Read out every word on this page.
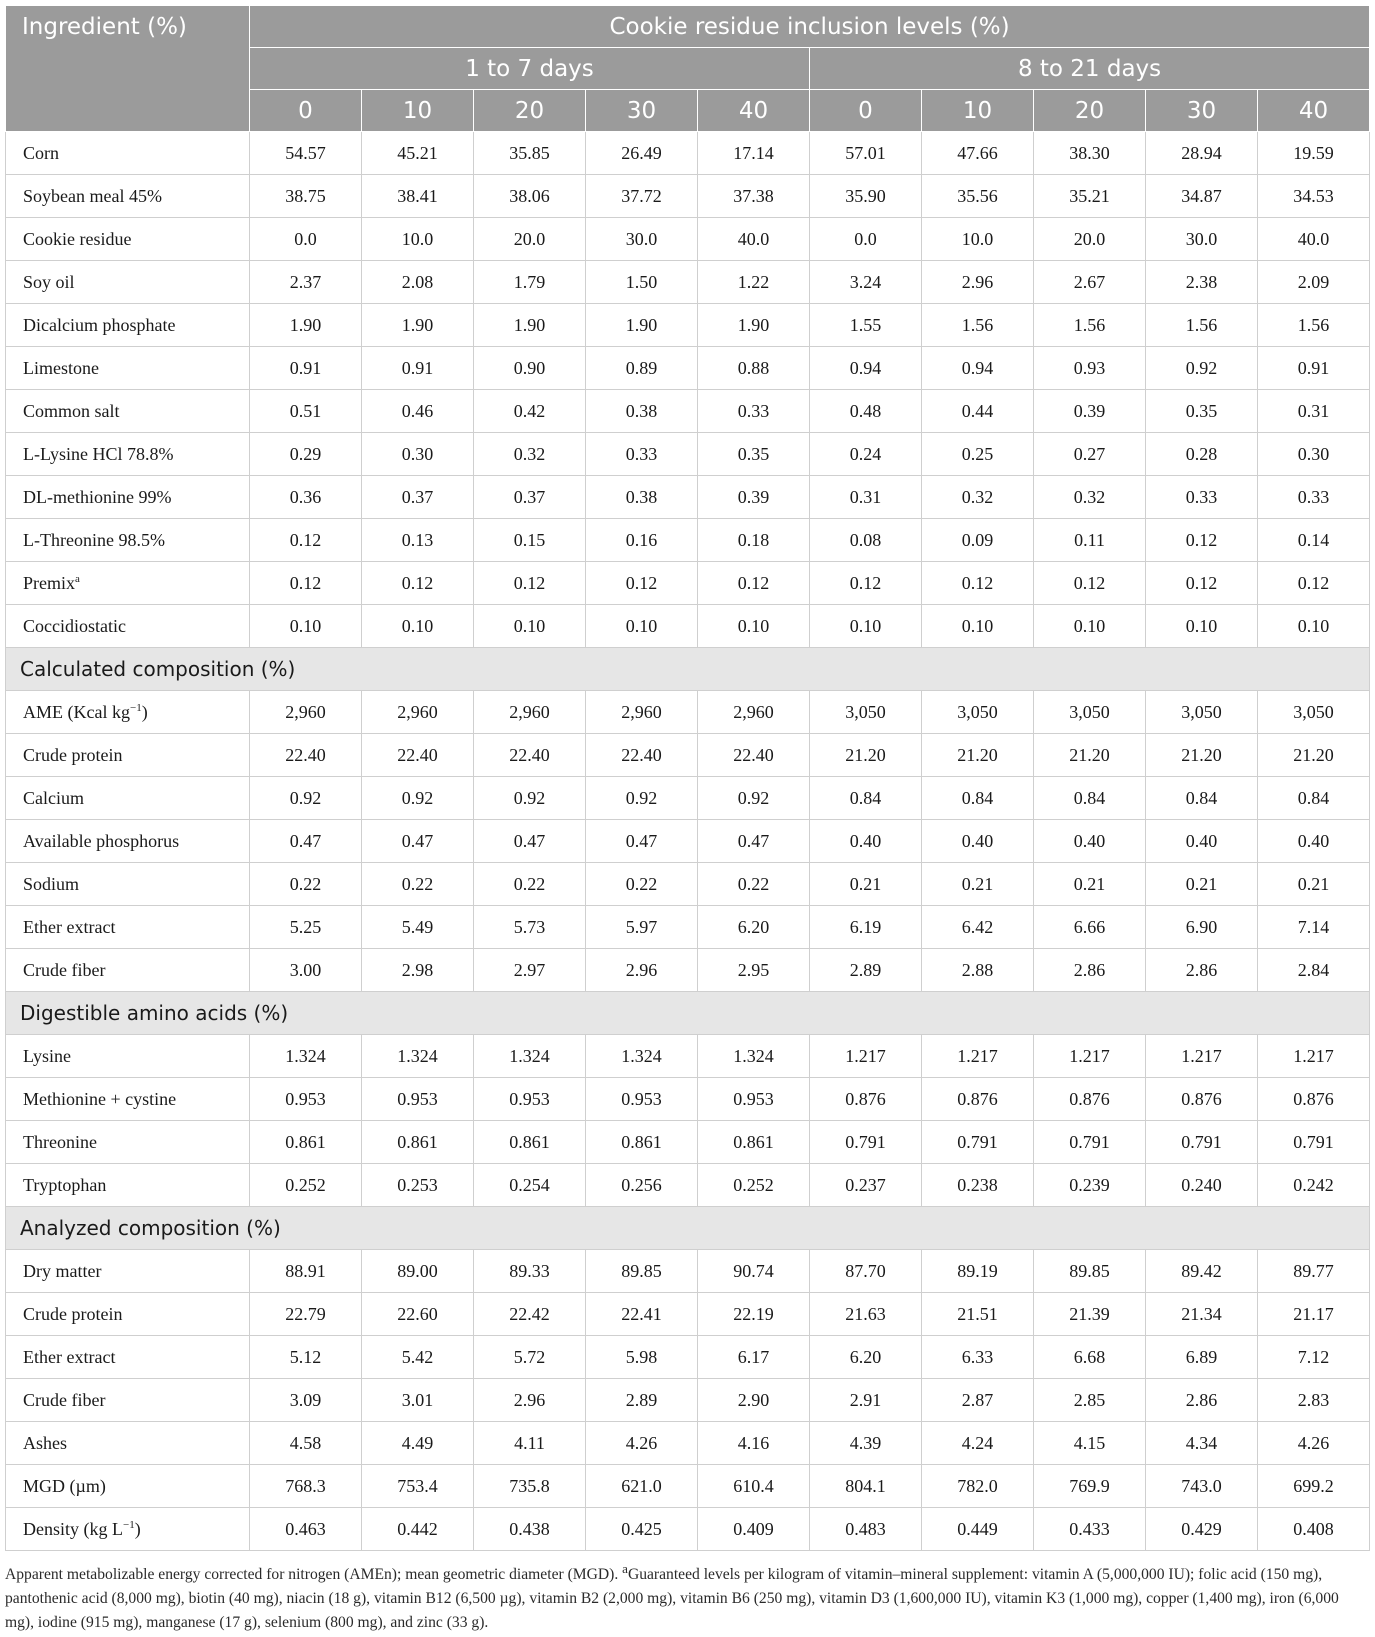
Ingredient (%)	Cookie residue inclusion levels (%)									
	1 to 7 days					8 to 21 days				
	0	10	20	30	40	0	10	20	30	40
Corn	54.57	45.21	35.85	26.49	17.14	57.01	47.66	38.30	28.94	19.59
Soybean meal 45%	38.75	38.41	38.06	37.72	37.38	35.90	35.56	35.21	34.87	34.53
Cookie residue	0.0	10.0	20.0	30.0	40.0	0.0	10.0	20.0	30.0	40.0
Soy oil	2.37	2.08	1.79	1.50	1.22	3.24	2.96	2.67	2.38	2.09
Dicalcium phosphate	1.90	1.90	1.90	1.90	1.90	1.55	1.56	1.56	1.56	1.56
Limestone	0.91	0.91	0.90	0.89	0.88	0.94	0.94	0.93	0.92	0.91
Common salt	0.51	0.46	0.42	0.38	0.33	0.48	0.44	0.39	0.35	0.31
L-Lysine HCl 78.8%	0.29	0.30	0.32	0.33	0.35	0.24	0.25	0.27	0.28	0.30
DL-methionine 99%	0.36	0.37	0.37	0.38	0.39	0.31	0.32	0.32	0.33	0.33
L-Threonine 98.5%	0.12	0.13	0.15	0.16	0.18	0.08	0.09	0.11	0.12	0.14
Premix$^a$	0.12	0.12	0.12	0.12	0.12	0.12	0.12	0.12	0.12	0.12
Coccidiostatic	0.10	0.10	0.10	0.10	0.10	0.10	0.10	0.10	0.10	0.10
Calculated composition (%)										
AME (Kcal $kg^{-1}$)	2,960	2,960	2,960	2,960	2,960	3,050	3,050	3,050	3,050	3,050
Crude protein	22.40	22.40	22.40	22.40	22.40	21.20	21.20	21.20	21.20	21.20
Calcium	0.92	0.92	0.92	0.92	0.92	0.84	0.84	0.84	0.84	0.84
Available phosphorus	0.47	0.47	0.47	0.47	0.47	0.40	0.40	0.40	0.40	0.40
Sodium	0.22	0.22	0.22	0.22	0.22	0.21	0.21	0.21	0.21	0.21
Ether extract	5.25	5.49	5.73	5.97	6.20	6.19	6.42	6.66	6.90	7.14
Crude fiber	3.00	2.98	2.97	2.96	2.95	2.89	2.88	2.86	2.86	2.84
Digestible amino acids (%)										
Lysine	1.324	1.324	1.324	1.324	1.324	1.217	1.217	1.217	1.217	1.217
Methionine + cystine	0.953	0.953	0.953	0.953	0.953	0.876	0.876	0.876	0.876	0.876
Threonine	0.861	0.861	0.861	0.861	0.861	0.791	0.791	0.791	0.791	0.791
Tryptophan	0.252	0.253	0.254	0.256	0.252	0.237	0.238	0.239	0.240	0.242
Analyzed composition (%)										
Dry matter	88.91	89.00	89.33	89.85	90.74	87.70	89.19	89.85	89.42	89.77
Crude protein	22.79	22.60	22.42	22.41	22.19	21.63	21.51	21.39	21.34	21.17
Ether extract	5.12	5.42	5.72	5.98	6.17	6.20	6.33	6.68	6.89	7.12
Crude fiber	3.09	3.01	2.96	2.89	2.90	2.91	2.87	2.85	2.86	2.83
Ashes	4.58	4.49	4.11	4.26	4.16	4.39	4.24	4.15	4.34	4.26
MGD (µm)	768.3	753.4	735.8	621.0	610.4	804.1	782.0	769.9	743.0	699.2
Density (kg $L^{-1}$)	0.463	0.442	0.438	0.425	0.409	0.483	0.449	0.433	0.429	0.408
Apparent metabolizable energy corrected for nitrogen (AMEn); mean geometric diameter (MGD). $^a$Guaranteed levels per kilogram of vitamin–mineral supplement: vitamin A (5,000,000 IU); folic acid (150 mg), pantothenic acid (8,000 mg), biotin (40 mg), niacin (18 g), vitamin B12 (6,500 µg), vitamin B2 (2,000 mg), vitamin B6 (250 mg), vitamin D3 (1,600,000 IU), vitamin K3 (1,000 mg), copper (1,400 mg), iron (6,000 mg), iodine (915 mg), manganese (17 g), selenium (800 mg), and zinc (33 g).
